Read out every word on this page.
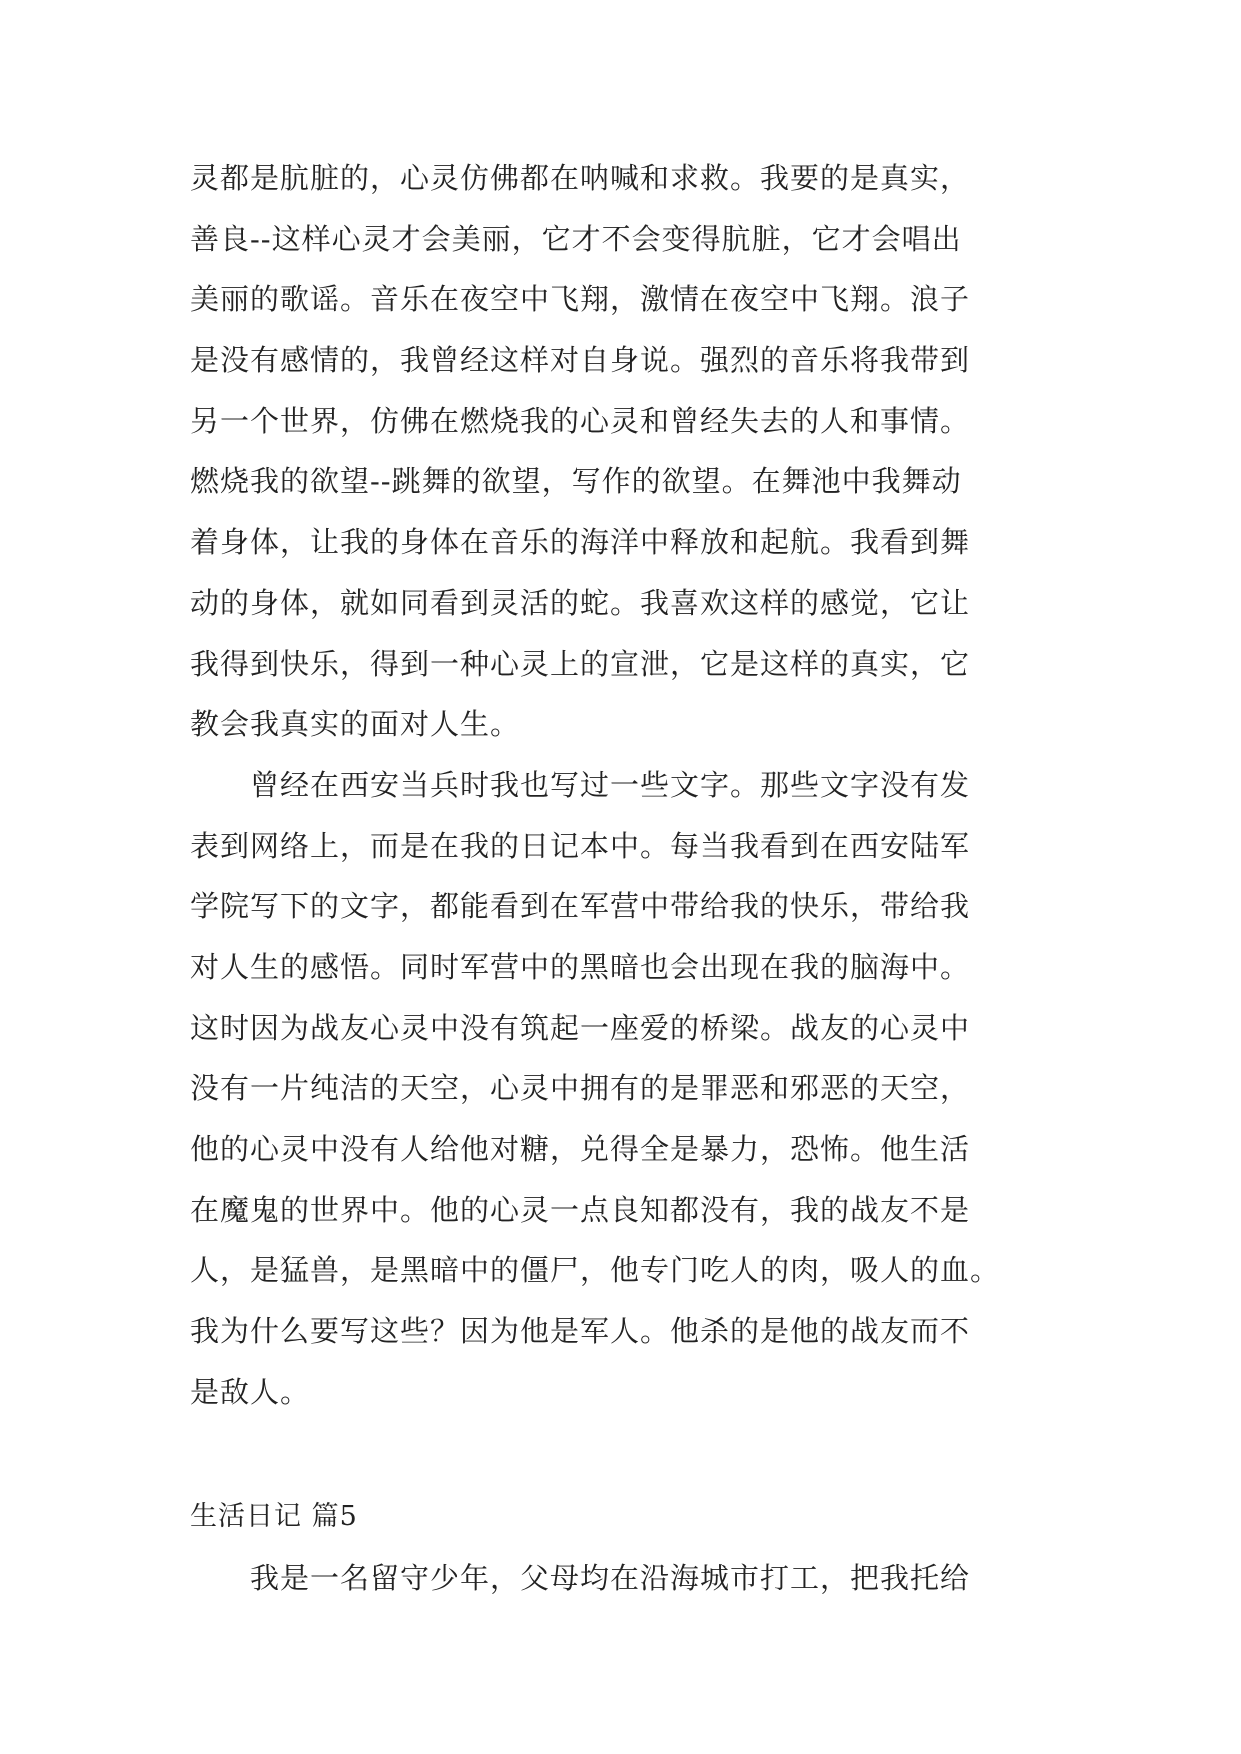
灵都是肮脏的，心灵仿佛都在呐喊和求救。我要的是真实，
善良--这样心灵才会美丽，它才不会变得肮脏，它才会唱出
美丽的歌谣。音乐在夜空中飞翔，激情在夜空中飞翔。浪子
是没有感情的，我曾经这样对自身说。强烈的音乐将我带到
另一个世界，仿佛在燃烧我的心灵和曾经失去的人和事情。
燃烧我的欲望--跳舞的欲望，写作的欲望。在舞池中我舞动
着身体，让我的身体在音乐的海洋中释放和起航。我看到舞
动的身体，就如同看到灵活的蛇。我喜欢这样的感觉，它让
我得到快乐，得到一种心灵上的宣泄，它是这样的真实，它
教会我真实的面对人生。
　　曾经在西安当兵时我也写过一些文字。那些文字没有发
表到网络上，而是在我的日记本中。每当我看到在西安陆军
学院写下的文字，都能看到在军营中带给我的快乐，带给我
对人生的感悟。同时军营中的黑暗也会出现在我的脑海中。
这时因为战友心灵中没有筑起一座爱的桥梁。战友的心灵中
没有一片纯洁的天空，心灵中拥有的是罪恶和邪恶的天空，
他的心灵中没有人给他对糖，兑得全是暴力，恐怖。他生活
在魔鬼的世界中。他的心灵一点良知都没有，我的战友不是
人，是猛兽，是黑暗中的僵尸，他专门吃人的肉，吸人的血。
我为什么要写这些？因为他是军人。他杀的是他的战友而不
是敌人。
生活日记 篇5
　　我是一名留守少年，父母均在沿海城市打工，把我托给
